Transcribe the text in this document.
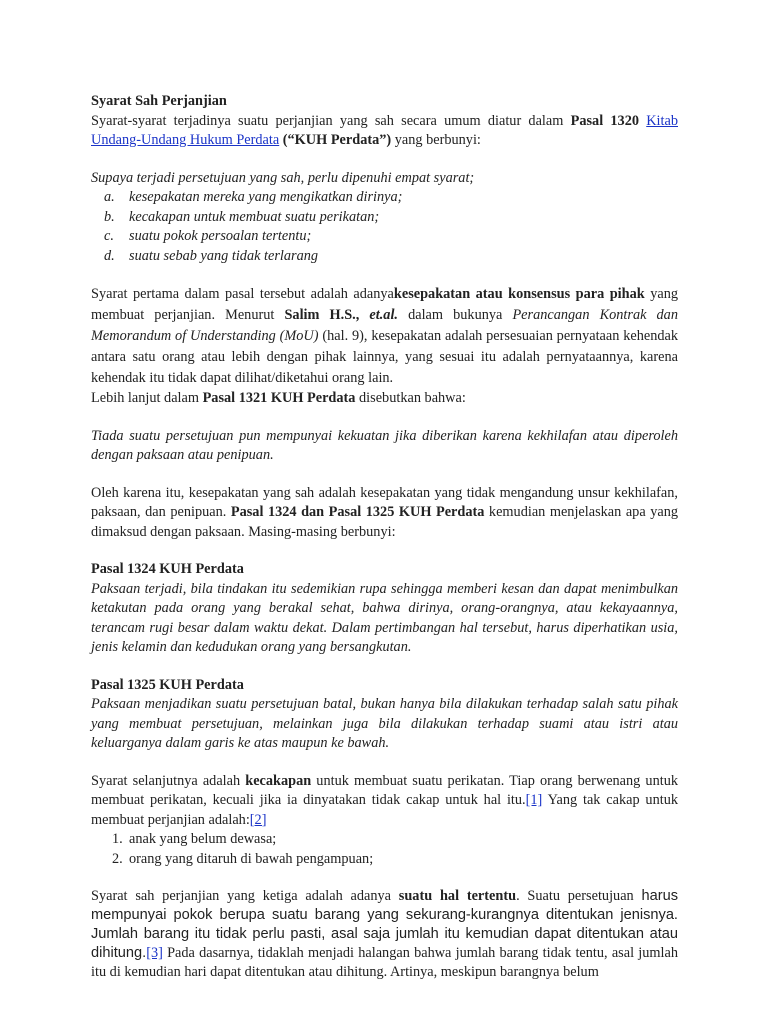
Syarat Sah Perjanjian

Syarat-syarat terjadinya suatu perjanjian yang sah secara umum diatur dalam Pasal 1320 Kitab Undang-Undang Hukum Perdata (“KUH Perdata”) yang berbunyi:

Supaya terjadi persetujuan yang sah, perlu dipenuhi empat syarat;

a. kesepakatan mereka yang mengikatkan dirinya;
b. kecakapan untuk membuat suatu perikatan;
c. suatu pokok persoalan tertentu;
d. suatu sebab yang tidak terlarang

Syarat pertama dalam pasal tersebut adalah adanyakesepakatan atau konsensus para pihak yang membuat perjanjian. Menurut Salim H.S., et.al. dalam bukunya Perancangan Kontrak dan Memorandum of Understanding (MoU) (hal. 9), kesepakatan adalah persesuaian pernyataan kehendak antara satu orang atau lebih dengan pihak lainnya, yang sesuai itu adalah pernyataannya, karena kehendak itu tidak dapat dilihat/diketahui orang lain.

Lebih lanjut dalam Pasal 1321 KUH Perdata disebutkan bahwa:

Tiada suatu persetujuan pun mempunyai kekuatan jika diberikan karena kekhilafan atau diperoleh dengan paksaan atau penipuan.

Oleh karena itu, kesepakatan yang sah adalah kesepakatan yang tidak mengandung unsur kekhilafan, paksaan, dan penipuan. Pasal 1324 dan Pasal 1325 KUH Perdata kemudian menjelaskan apa yang dimaksud dengan paksaan. Masing-masing berbunyi:

Pasal 1324 KUH Perdata

Paksaan terjadi, bila tindakan itu sedemikian rupa sehingga memberi kesan dan dapat menimbulkan ketakutan pada orang yang berakal sehat, bahwa dirinya, orang-orangnya, atau kekayaannya, terancam rugi besar dalam waktu dekat. Dalam pertimbangan hal tersebut, harus diperhatikan usia, jenis kelamin dan kedudukan orang yang bersangkutan.

Pasal 1325 KUH Perdata

Paksaan menjadikan suatu persetujuan batal, bukan hanya bila dilakukan terhadap salah satu pihak yang membuat persetujuan, melainkan juga bila dilakukan terhadap suami atau istri atau keluarganya dalam garis ke atas maupun ke bawah.

Syarat selanjutnya adalah kecakapan untuk membuat suatu perikatan. Tiap orang berwenang untuk membuat perikatan, kecuali jika ia dinyatakan tidak cakap untuk hal itu.[1] Yang tak cakap untuk membuat perjanjian adalah:[2]

1. anak yang belum dewasa;
2. orang yang ditaruh di bawah pengampuan;

Syarat sah perjanjian yang ketiga adalah adanya suatu hal tertentu. Suatu persetujuan harus mempunyai pokok berupa suatu barang yang sekurang-kurangnya ditentukan jenisnya. Jumlah barang itu tidak perlu pasti, asal saja jumlah itu kemudian dapat ditentukan atau dihitung.[3] Pada dasarnya, tidaklah menjadi halangan bahwa jumlah barang tidak tentu, asal jumlah itu di kemudian hari dapat ditentukan atau dihitung. Artinya, meskipun barangnya belum
